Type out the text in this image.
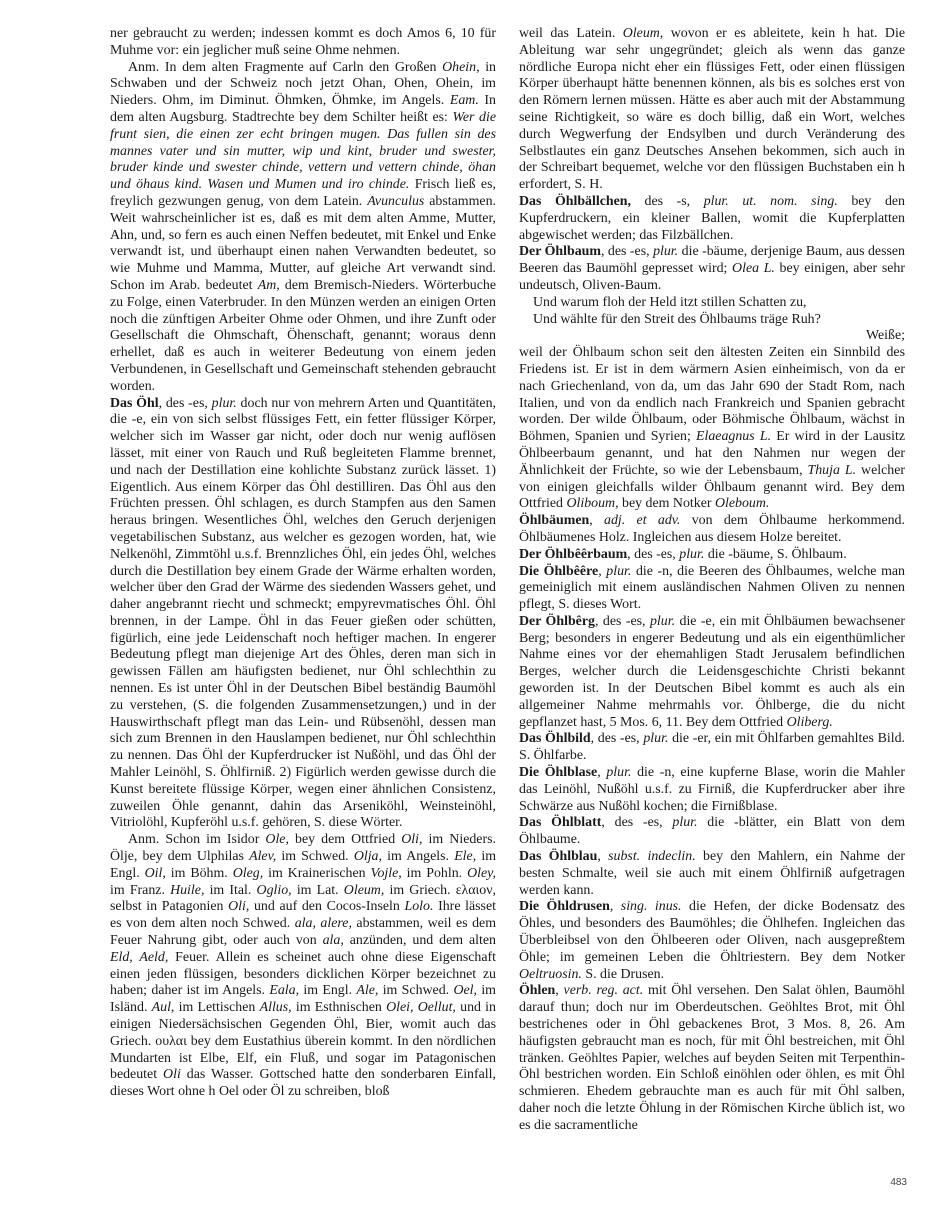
ner gebraucht zu werden; indessen kommt es doch Amos 6, 10 für Muhme vor: ein jeglicher muß seine Ohme nehmen.

Anm. In dem alten Fragmente auf Carln den Großen Ohein, in Schwaben und der Schweiz noch jetzt Ohan, Ohen, Ohein, im Nieders. Ohm, im Diminut. Öhmken, Öhmke, im Angels. Eam. In dem alten Augsburg. Stadtrechte bey dem Schilter heißt es: Wer die frunt sien, die einen zer echt bringen mugen. Das fullen sin des mannes vater und sin mutter, wip und kint, bruder und swester, bruder kinde und swester chinde, vettern und vettern chinde, öhan und öhaus kind. Wasen und Mumen und iro chinde. Frisch ließ es, freylich gezwungen genug, von dem Latein. Avunculus abstammen. Weit wahrscheinlicher ist es, daß es mit dem alten Amme, Mutter, Ahn, und, so fern es auch einen Neffen bedeutet, mit Enkel und Enke verwandt ist, und überhaupt einen nahen Verwandten bedeutet, so wie Muhme und Mamma, Mutter, auf gleiche Art verwandt sind. Schon im Arab. bedeutet Am, dem Bremisch-Nieders. Wörterbuche zu Folge, einen Vaterbruder. In den Münzen werden an einigen Orten noch die zünftigen Arbeiter Ohme oder Ohmen, und ihre Zunft oder Gesellschaft die Ohmschaft, Öhenschaft, genannt; woraus denn erhellet, daß es auch in weiterer Bedeutung von einem jeden Verbundenen, in Gesellschaft und Gemeinschaft stehenden gebraucht worden.

Das Öhl, des -es, plur. doch nur von mehrern Arten und Quantitäten, die -e, ein von sich selbst flüssiges Fett, ein fetter flüssiger Körper, welcher sich im Wasser gar nicht, oder doch nur wenig auflösen lässet, mit einer von Rauch und Ruß begleiteten Flamme brennet, und nach der Destillation eine kohlichte Substanz zurück lässet. 1) Eigentlich. Aus einem Körper das Öhl destilliren. Das Öhl aus den Früchten pressen. Öhl schlagen, es durch Stampfen aus den Samen heraus bringen. Wesentliches Öhl, welches den Geruch derjenigen vegetabilischen Substanz, aus welcher es gezogen worden, hat, wie Nelkenöhl, Zimmtöhl u.s.f. Brennzliches Öhl, ein jedes Öhl, welches durch die Destillation bey einem Grade der Wärme erhalten worden, welcher über den Grad der Wärme des siedenden Wassers gehet, und daher angebrannt riecht und schmeckt; empyrevmatisches Öhl. Öhl brennen, in der Lampe. Öhl in das Feuer gießen oder schütten, figürlich, eine jede Leidenschaft noch heftiger machen. In engerer Bedeutung pflegt man diejenige Art des Öhles, deren man sich in gewissen Fällen am häufigsten bedienet, nur Öhl schlechthin zu nennen. Es ist unter Öhl in der Deutschen Bibel beständig Baumöhl zu verstehen, (S. die folgenden Zusammensetzungen,) und in der Hauswirthschaft pflegt man das Lein- und Rübsenöhl, dessen man sich zum Brennen in den Hauslampen bedienet, nur Öhl schlechthin zu nennen. Das Öhl der Kupferdrucker ist Nußöhl, und das Öhl der Mahler Leinöhl, S. Öhlfirniß. 2) Figürlich werden gewisse durch die Kunst bereitete flüssige Körper, wegen einer ähnlichen Consistenz, zuweilen Öhle genannt, dahin das Arseniköhl, Weinsteinöhl, Vitriolöhl, Kupferöhl u.s.f. gehören, S. diese Wörter.

Anm. Schon im Isidor Ole, bey dem Ottfried Oli, im Nieders. Ölje, bey dem Ulphilas Alev, im Schwed. Olja, im Angels. Ele, im Engl. Oil, im Böhm. Oleg, im Krainerischen Vojle, im Pohln. Oley, im Franz. Huile, im Ital. Oglio, im Lat. Oleum, im Griech. ελαιον, selbst in Patagonien Oli, und auf den Cocos-Inseln Lolo. Ihre lässet es von dem alten noch Schwed. ala, alere, abstammen, weil es dem Feuer Nahrung gibt, oder auch von ala, anzünden, und dem alten Eld, Aeld, Feuer. Allein es scheinet auch ohne diese Eigenschaft einen jeden flüssigen, besonders dicklichen Körper bezeichnet zu haben; daher ist im Angels. Eala, im Engl. Ale, im Schwed. Oel, im Isländ. Aul, im Lettischen Allus, im Esthnischen Olei, Oellut, und in einigen Niedersächsischen Gegenden Öhl, Bier, womit auch das Griech. ουλαι bey dem Eustathius überein kommt. In den nördlichen Mundarten ist Elbe, Elf, ein Fluß, und sogar im Patagonischen bedeutet Oli das Wasser. Gottsched hatte den sonderbaren Einfall, dieses Wort ohne h Oel oder Öl zu schreiben, bloß

weil das Latein. Oleum, wovon er es ableitete, kein h hat. Die Ableitung war sehr ungegründet; gleich als wenn das ganze nördliche Europa nicht eher ein flüssiges Fett, oder einen flüssigen Körper überhaupt hätte benennen können, als bis es solches erst von den Römern lernen müssen. Hätte es aber auch mit der Abstammung seine Richtigkeit, so wäre es doch billig, daß ein Wort, welches durch Wegwerfung der Endsylben und durch Veränderung des Selbstlautes ein ganz Deutsches Ansehen bekommen, sich auch in der Schreibart bequemet, welche vor den flüssigen Buchstaben ein h erfordert, S. H.

Das Öhlbällchen, des -s, plur. ut. nom. sing. bey den Kupferdruckern, ein kleiner Ballen, womit die Kupferplatten abgewischet werden; das Filzbällchen.

Der Öhlbaum, des -es, plur. die -bäume, derjenige Baum, aus dessen Beeren das Baumöhl gepresset wird; Olea L. bey einigen, aber sehr undeutsch, Oliven-Baum.

Und warum floh der Held itzt stillen Schatten zu,

Und wählte für den Streit des Öhlbaums träge Ruh?

Weiße;

weil der Öhlbaum schon seit den ältesten Zeiten ein Sinnbild des Friedens ist. Er ist in dem wärmern Asien einheimisch, von da er nach Griechenland, von da, um das Jahr 690 der Stadt Rom, nach Italien, und von da endlich nach Frankreich und Spanien gebracht worden. Der wilde Öhlbaum, oder Böhmische Öhlbaum, wächst in Böhmen, Spanien und Syrien; Elaeagnus L. Er wird in der Lausitz Öhlbeerbaum genannt, und hat den Nahmen nur wegen der Ähnlichkeit der Früchte, so wie der Lebensbaum, Thuja L. welcher von einigen gleichfalls wilder Öhlbaum genannt wird. Bey dem Ottfried Oliboum, bey dem Notker Oleboum.

Öhlbäumen, adj. et adv. von dem Öhlbaume herkommend. Öhlbäumenes Holz. Ingleichen aus diesem Holze bereitet.

Der Öhlbêêrbaum, des -es, plur. die -bäume, S. Öhlbaum.

Die Öhlbêêre, plur. die -n, die Beeren des Öhlbaumes, welche man gemeiniglich mit einem ausländischen Nahmen Oliven zu nennen pflegt, S. dieses Wort.

Der Öhlbêrg, des -es, plur. die -e, ein mit Öhlbäumen bewachsener Berg; besonders in engerer Bedeutung und als ein eigenthümlicher Nahme eines vor der ehemahligen Stadt Jerusalem befindlichen Berges, welcher durch die Leidensgeschichte Christi bekannt geworden ist. In der Deutschen Bibel kommt es auch als ein allgemeiner Nahme mehrmahls vor. Öhlberge, die du nicht gepflanzet hast, 5 Mos. 6, 11. Bey dem Ottfried Oliberg.

Das Öhlbild, des -es, plur. die -er, ein mit Öhlfarben gemahltes Bild. S. Öhlfarbe.

Die Öhlblase, plur. die -n, eine kupferne Blase, worin die Mahler das Leinöhl, Nußöhl u.s.f. zu Firniß, die Kupferdrucker aber ihre Schwärze aus Nußöhl kochen; die Firnißblase.

Das Öhlblatt, des -es, plur. die -blätter, ein Blatt von dem Öhlbaume.

Das Öhlblau, subst. indeclin. bey den Mahlern, ein Nahme der besten Schmalte, weil sie auch mit einem Öhlfirniß aufgetragen werden kann.

Die Öhldrusen, sing. inus. die Hefen, der dicke Bodensatz des Öhles, und besonders des Baumöhles; die Öhlhefen. Ingleichen das Überbleibsel von den Öhlbeeren oder Oliven, nach ausgepreßtem Öhle; im gemeinen Leben die Öhltriestern. Bey dem Notker Oeltruosin. S. die Drusen.

Öhlen, verb. reg. act. mit Öhl versehen. Den Salat öhlen, Baumöhl darauf thun; doch nur im Oberdeutschen. Geöhltes Brot, mit Öhl bestrichenes oder in Öhl gebackenes Brot, 3 Mos. 8, 26. Am häufigsten gebraucht man es noch, für mit Öhl bestreichen, mit Öhl tränken. Geöhltes Papier, welches auf beyden Seiten mit Terpenthin-Öhl bestrichen worden. Ein Schloß einöhlen oder öhlen, es mit Öhl schmieren. Ehedem gebrauchte man es auch für mit Öhl salben, daher noch die letzte Öhlung in der Römischen Kirche üblich ist, wo es die sacramentliche

483
